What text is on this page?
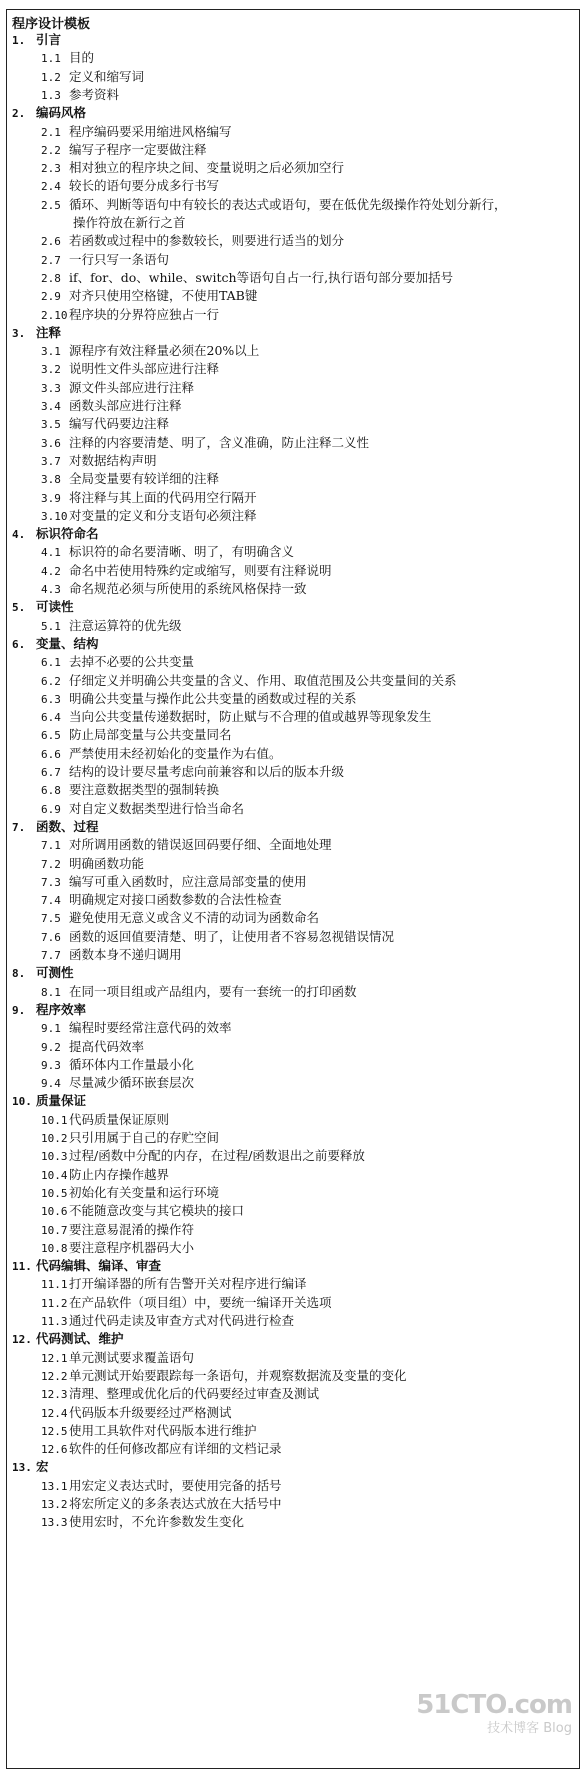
程序设计模板
1. 引言
1.1 目的
1.2 定义和缩写词
1.3 参考资料
2. 编码风格
2.1 程序编码要采用缩进风格编写
2.2 编写子程序一定要做注释
2.3 相对独立的程序块之间、变量说明之后必须加空行
2.4 较长的语句要分成多行书写
2.5 循环、判断等语句中有较长的表达式或语句，要在低优先级操作符处划分新行，
操作符放在新行之首
2.6 若函数或过程中的参数较长，则要进行适当的划分
2.7 一行只写一条语句
2.8 if、for、do、while、switch等语句自占一行,执行语句部分要加括号
2.9 对齐只使用空格键，不使用TAB键
2.10 程序块的分界符应独占一行
3. 注释
3.1 源程序有效注释量必须在20%以上
3.2 说明性文件头部应进行注释
3.3 源文件头部应进行注释
3.4 函数头部应进行注释
3.5 编写代码要边注释
3.6 注释的内容要清楚、明了，含义准确，防止注释二义性
3.7 对数据结构声明
3.8 全局变量要有较详细的注释
3.9 将注释与其上面的代码用空行隔开
3.10 对变量的定义和分支语句必须注释
4. 标识符命名
4.1 标识符的命名要清晰、明了，有明确含义
4.2 命名中若使用特殊约定或缩写，则要有注释说明
4.3 命名规范必须与所使用的系统风格保持一致
5. 可读性
5.1 注意运算符的优先级
6. 变量、结构
6.1 去掉不必要的公共变量
6.2 仔细定义并明确公共变量的含义、作用、取值范围及公共变量间的关系
6.3 明确公共变量与操作此公共变量的函数或过程的关系
6.4 当向公共变量传递数据时，防止赋与不合理的值或越界等现象发生
6.5 防止局部变量与公共变量同名
6.6 严禁使用未经初始化的变量作为右值。
6.7 结构的设计要尽量考虑向前兼容和以后的版本升级
6.8 要注意数据类型的强制转换
6.9 对自定义数据类型进行恰当命名
7. 函数、过程
7.1 对所调用函数的错误返回码要仔细、全面地处理
7.2 明确函数功能
7.3 编写可重入函数时，应注意局部变量的使用
7.4 明确规定对接口函数参数的合法性检查
7.5 避免使用无意义或含义不清的动词为函数命名
7.6 函数的返回值要清楚、明了，让使用者不容易忽视错误情况
7.7 函数本身不递归调用
8. 可测性
8.1 在同一项目组或产品组内，要有一套统一的打印函数
9. 程序效率
9.1 编程时要经常注意代码的效率
9.2 提高代码效率
9.3 循环体内工作量最小化
9.4 尽量减少循环嵌套层次
10. 质量保证
10.1 代码质量保证原则
10.2 只引用属于自己的存贮空间
10.3 过程/函数中分配的内存，在过程/函数退出之前要释放
10.4 防止内存操作越界
10.5 初始化有关变量和运行环境
10.6 不能随意改变与其它模块的接口
10.7 要注意易混淆的操作符
10.8 要注意程序机器码大小
11. 代码编辑、编译、审查
11.1 打开编译器的所有告警开关对程序进行编译
11.2 在产品软件（项目组）中，要统一编译开关选项
11.3 通过代码走读及审查方式对代码进行检查
12. 代码测试、维护
12.1 单元测试要求覆盖语句
12.2 单元测试开始要跟踪每一条语句，并观察数据流及变量的变化
12.3 清理、整理或优化后的代码要经过审查及测试
12.4 代码版本升级要经过严格测试
12.5 使用工具软件对代码版本进行维护
12.6 软件的任何修改都应有详细的文档记录
13. 宏
13.1 用宏定义表达式时，要使用完备的括号
13.2 将宏所定义的多条表达式放在大括号中
13.3 使用宏时，不允许参数发生变化
51CTO.com
技术博客 Blog
